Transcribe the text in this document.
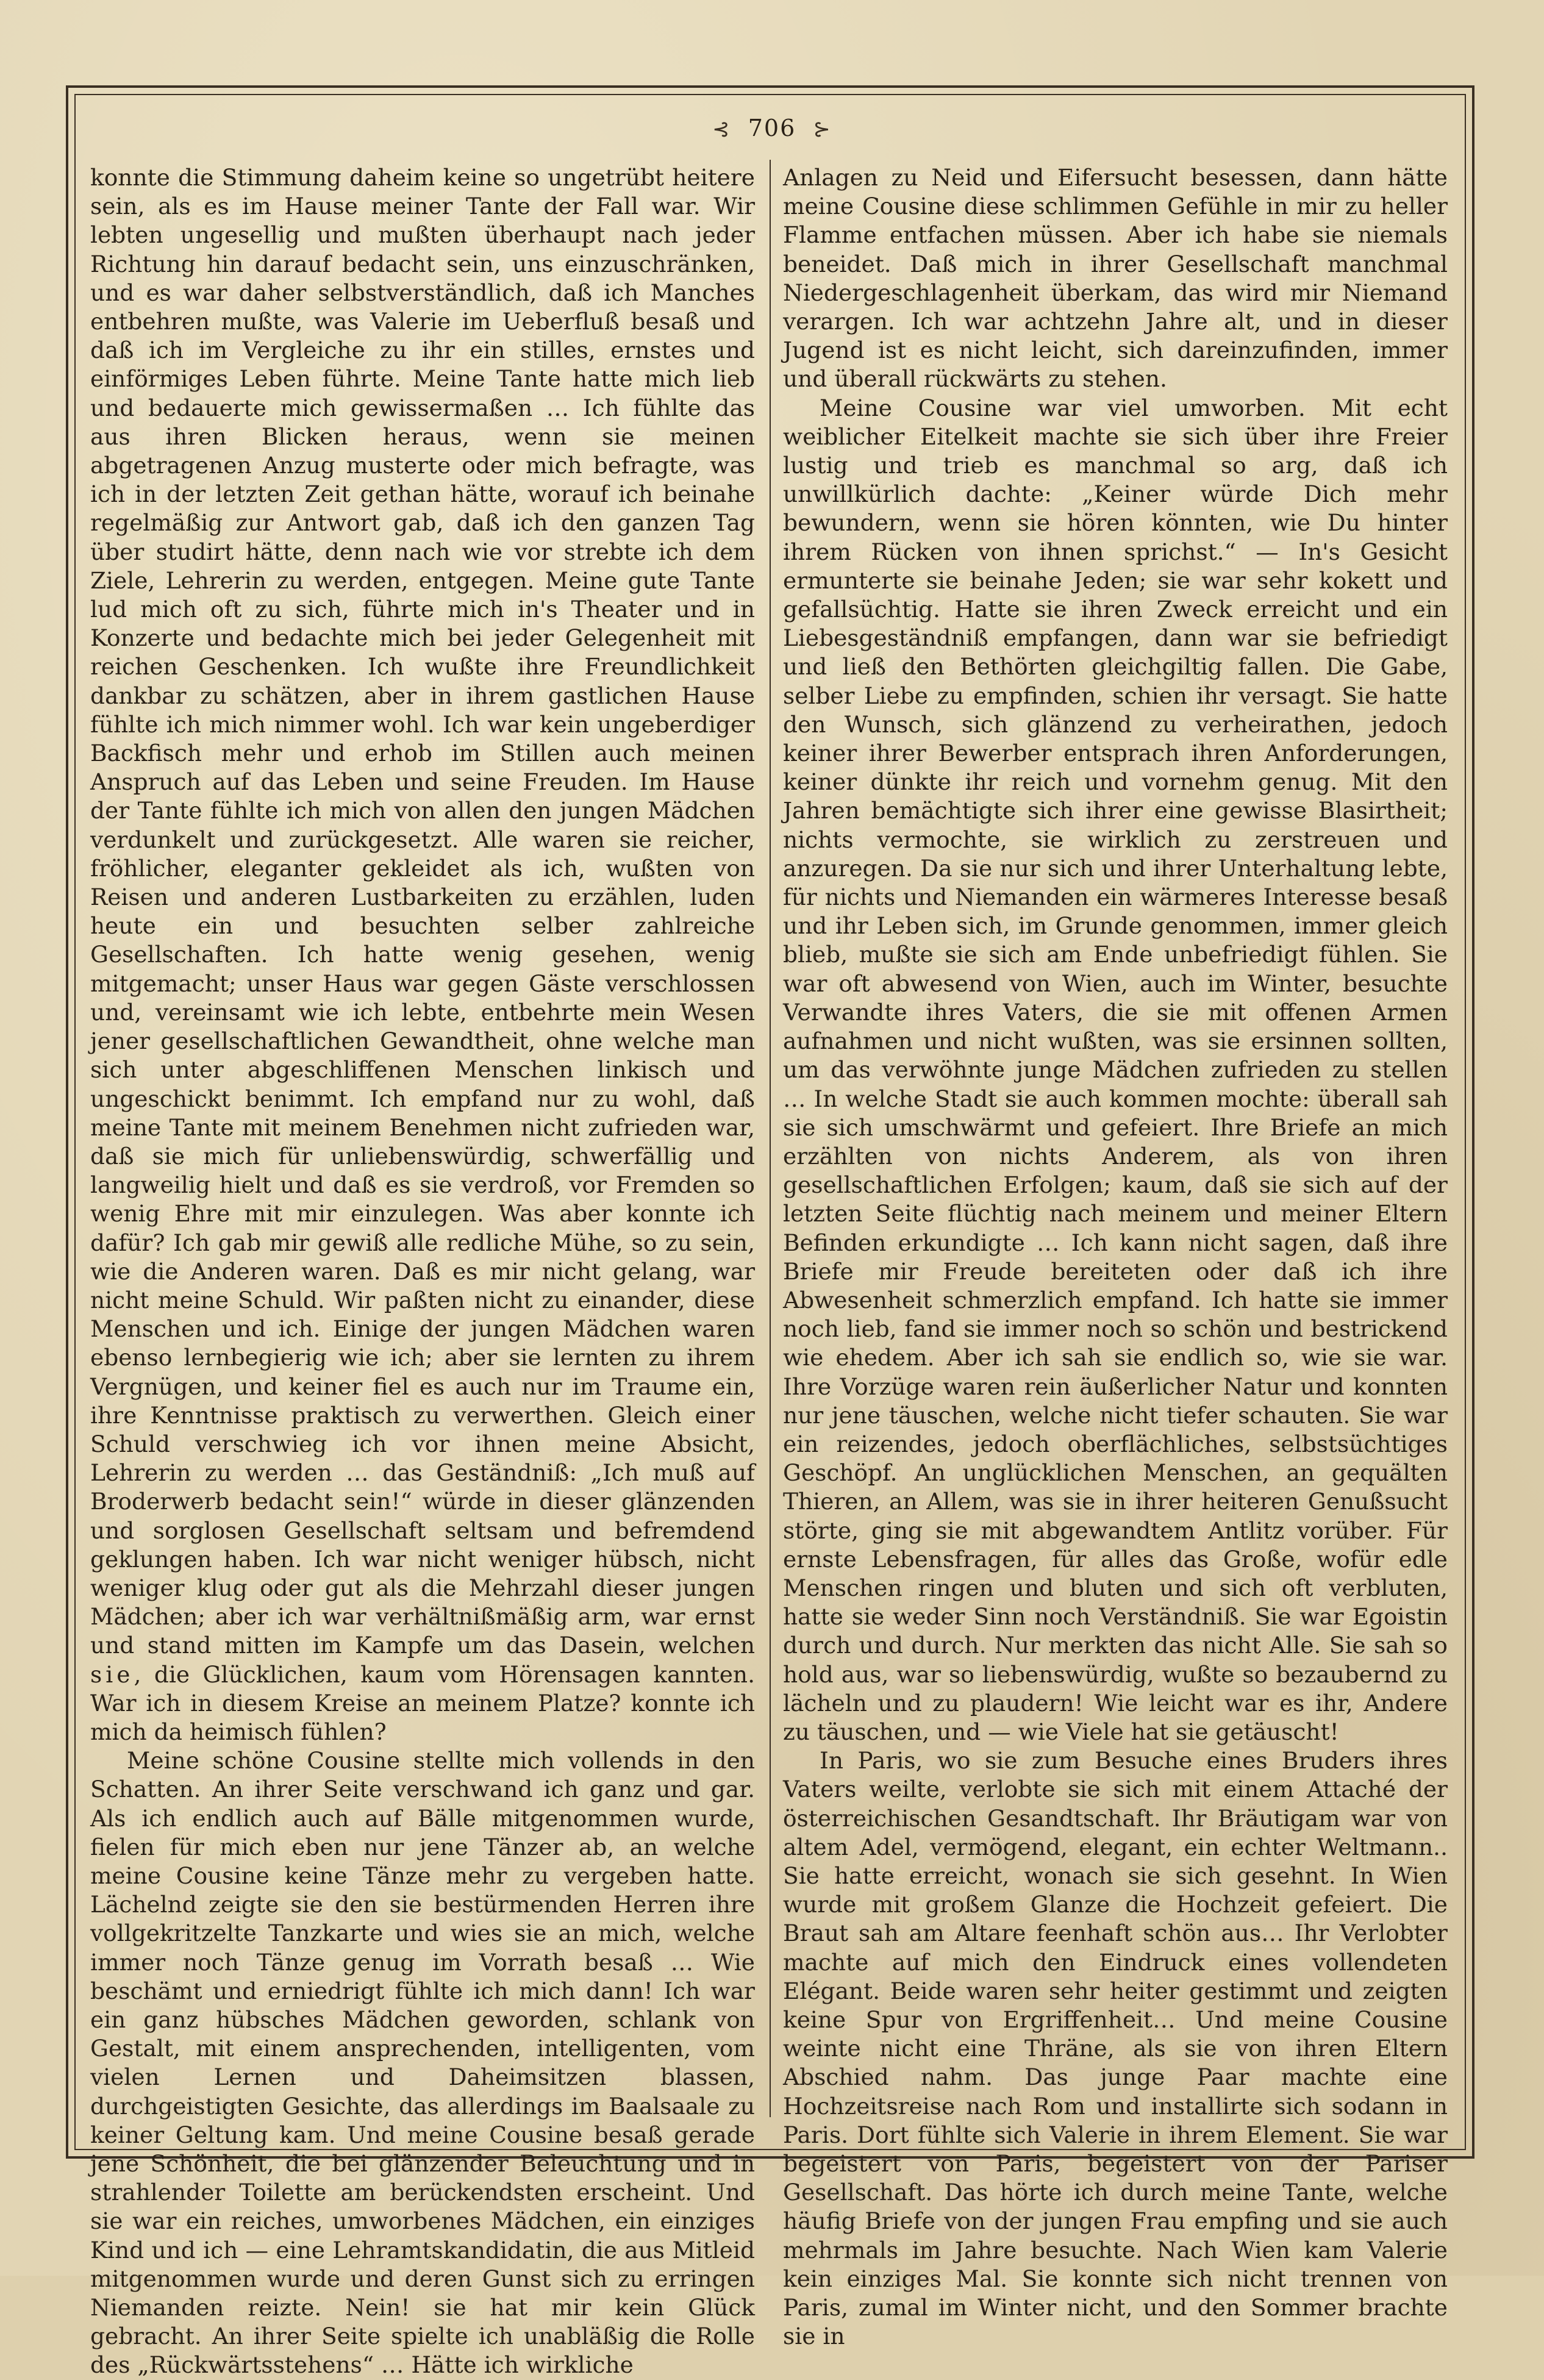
⊰ 706 ⊱

konnte die Stimmung daheim keine so ungetrübt heitere sein, als es im Hause meiner Tante der Fall war. Wir lebten ungesellig und mußten überhaupt nach jeder Richtung hin darauf bedacht sein, uns einzuschränken, und es war daher selbstverständlich, daß ich Manches entbehren mußte, was Valerie im Ueberfluß besaß und daß ich im Vergleiche zu ihr ein stilles, ernstes und einförmiges Leben führte. Meine Tante hatte mich lieb und bedauerte mich gewissermaßen … Ich fühlte das aus ihren Blicken heraus, wenn sie meinen abgetragenen Anzug musterte oder mich befragte, was ich in der letzten Zeit gethan hätte, worauf ich beinahe regelmäßig zur Antwort gab, daß ich den ganzen Tag über studirt hätte, denn nach wie vor strebte ich dem Ziele, Lehrerin zu werden, entgegen. Meine gute Tante lud mich oft zu sich, führte mich in's Theater und in Konzerte und bedachte mich bei jeder Gelegenheit mit reichen Geschenken. Ich wußte ihre Freundlichkeit dankbar zu schätzen, aber in ihrem gastlichen Hause fühlte ich mich nimmer wohl. Ich war kein ungeberdiger Backfisch mehr und erhob im Stillen auch meinen Anspruch auf das Leben und seine Freuden. Im Hause der Tante fühlte ich mich von allen den jungen Mädchen verdunkelt und zurückgesetzt. Alle waren sie reicher, fröhlicher, eleganter gekleidet als ich, wußten von Reisen und anderen Lustbarkeiten zu erzählen, luden heute ein und besuchten selber zahlreiche Gesellschaften. Ich hatte wenig gesehen, wenig mitgemacht; unser Haus war gegen Gäste verschlossen und, vereinsamt wie ich lebte, entbehrte mein Wesen jener gesellschaftlichen Gewandtheit, ohne welche man sich unter abgeschliffenen Menschen linkisch und ungeschickt benimmt. Ich empfand nur zu wohl, daß meine Tante mit meinem Benehmen nicht zufrieden war, daß sie mich für unliebenswürdig, schwerfällig und langweilig hielt und daß es sie verdroß, vor Fremden so wenig Ehre mit mir einzulegen. Was aber konnte ich dafür? Ich gab mir gewiß alle redliche Mühe, so zu sein, wie die Anderen waren. Daß es mir nicht gelang, war nicht meine Schuld. Wir paßten nicht zu einander, diese Menschen und ich. Einige der jungen Mädchen waren ebenso lernbegierig wie ich; aber sie lernten zu ihrem Vergnügen, und keiner fiel es auch nur im Traume ein, ihre Kenntnisse praktisch zu verwerthen. Gleich einer Schuld verschwieg ich vor ihnen meine Absicht, Lehrerin zu werden … das Geständniß: „Ich muß auf Broderwerb bedacht sein!“ würde in dieser glänzenden und sorglosen Gesellschaft seltsam und befremdend geklungen haben. Ich war nicht weniger hübsch, nicht weniger klug oder gut als die Mehrzahl dieser jungen Mädchen; aber ich war verhältnißmäßig arm, war ernst und stand mitten im Kampfe um das Dasein, welchen sie, die Glücklichen, kaum vom Hörensagen kannten. War ich in diesem Kreise an meinem Platze? konnte ich mich da heimisch fühlen?

Meine schöne Cousine stellte mich vollends in den Schatten. An ihrer Seite verschwand ich ganz und gar. Als ich endlich auch auf Bälle mitgenommen wurde, fielen für mich eben nur jene Tänzer ab, an welche meine Cousine keine Tänze mehr zu vergeben hatte. Lächelnd zeigte sie den sie bestürmenden Herren ihre vollgekritzelte Tanzkarte und wies sie an mich, welche immer noch Tänze genug im Vorrath besaß … Wie beschämt und erniedrigt fühlte ich mich dann! Ich war ein ganz hübsches Mädchen geworden, schlank von Gestalt, mit einem ansprechenden, intelligenten, vom vielen Lernen und Daheimsitzen blassen, durchgeistigten Gesichte, das allerdings im Baalsaale zu keiner Geltung kam. Und meine Cousine besaß gerade jene Schönheit, die bei glänzender Beleuchtung und in strahlender Toilette am berückendsten erscheint. Und sie war ein reiches, umworbenes Mädchen, ein einziges Kind und ich — eine Lehramtskandidatin, die aus Mitleid mitgenommen wurde und deren Gunst sich zu erringen Niemanden reizte. Nein! sie hat mir kein Glück gebracht. An ihrer Seite spielte ich unabläßig die Rolle des „Rückwärtsstehens“ … Hätte ich wirkliche

Anlagen zu Neid und Eifersucht besessen, dann hätte meine Cousine diese schlimmen Gefühle in mir zu heller Flamme entfachen müssen. Aber ich habe sie niemals beneidet. Daß mich in ihrer Gesellschaft manchmal Niedergeschlagenheit überkam, das wird mir Niemand verargen. Ich war achtzehn Jahre alt, und in dieser Jugend ist es nicht leicht, sich dareinzufinden, immer und überall rückwärts zu stehen.

Meine Cousine war viel umworben. Mit echt weiblicher Eitelkeit machte sie sich über ihre Freier lustig und trieb es manchmal so arg, daß ich unwillkürlich dachte: „Keiner würde Dich mehr bewundern, wenn sie hören könnten, wie Du hinter ihrem Rücken von ihnen sprichst.“ — In's Gesicht ermunterte sie beinahe Jeden; sie war sehr kokett und gefallsüchtig. Hatte sie ihren Zweck erreicht und ein Liebesgeständniß empfangen, dann war sie befriedigt und ließ den Bethörten gleichgiltig fallen. Die Gabe, selber Liebe zu empfinden, schien ihr versagt. Sie hatte den Wunsch, sich glänzend zu verheirathen, jedoch keiner ihrer Bewerber entsprach ihren Anforderungen, keiner dünkte ihr reich und vornehm genug. Mit den Jahren bemächtigte sich ihrer eine gewisse Blasirtheit; nichts vermochte, sie wirklich zu zerstreuen und anzuregen. Da sie nur sich und ihrer Unterhaltung lebte, für nichts und Niemanden ein wärmeres Interesse besaß und ihr Leben sich, im Grunde genommen, immer gleich blieb, mußte sie sich am Ende unbefriedigt fühlen. Sie war oft abwesend von Wien, auch im Winter, besuchte Verwandte ihres Vaters, die sie mit offenen Armen aufnahmen und nicht wußten, was sie ersinnen sollten, um das verwöhnte junge Mädchen zufrieden zu stellen … In welche Stadt sie auch kommen mochte: überall sah sie sich umschwärmt und gefeiert. Ihre Briefe an mich erzählten von nichts Anderem, als von ihren gesellschaftlichen Erfolgen; kaum, daß sie sich auf der letzten Seite flüchtig nach meinem und meiner Eltern Befinden erkundigte … Ich kann nicht sagen, daß ihre Briefe mir Freude bereiteten oder daß ich ihre Abwesenheit schmerzlich empfand. Ich hatte sie immer noch lieb, fand sie immer noch so schön und bestrickend wie ehedem. Aber ich sah sie endlich so, wie sie war. Ihre Vorzüge waren rein äußerlicher Natur und konnten nur jene täuschen, welche nicht tiefer schauten. Sie war ein reizendes, jedoch oberflächliches, selbstsüchtiges Geschöpf. An unglücklichen Menschen, an gequälten Thieren, an Allem, was sie in ihrer heiteren Genußsucht störte, ging sie mit abgewandtem Antlitz vorüber. Für ernste Lebensfragen, für alles das Große, wofür edle Menschen ringen und bluten und sich oft verbluten, hatte sie weder Sinn noch Verständniß. Sie war Egoistin durch und durch. Nur merkten das nicht Alle. Sie sah so hold aus, war so liebenswürdig, wußte so bezaubernd zu lächeln und zu plaudern! Wie leicht war es ihr, Andere zu täuschen, und — wie Viele hat sie getäuscht!

In Paris, wo sie zum Besuche eines Bruders ihres Vaters weilte, verlobte sie sich mit einem Attaché der österreichischen Gesandtschaft. Ihr Bräutigam war von altem Adel, vermögend, elegant, ein echter Weltmann.. Sie hatte erreicht, wonach sie sich gesehnt. In Wien wurde mit großem Glanze die Hochzeit gefeiert. Die Braut sah am Altare feenhaft schön aus… Ihr Verlobter machte auf mich den Eindruck eines vollendeten Elégant. Beide waren sehr heiter gestimmt und zeigten keine Spur von Ergriffenheit… Und meine Cousine weinte nicht eine Thräne, als sie von ihren Eltern Abschied nahm. Das junge Paar machte eine Hochzeitsreise nach Rom und installirte sich sodann in Paris. Dort fühlte sich Valerie in ihrem Element. Sie war begeistert von Paris, begeistert von der Pariser Gesellschaft. Das hörte ich durch meine Tante, welche häufig Briefe von der jungen Frau empfing und sie auch mehrmals im Jahre besuchte. Nach Wien kam Valerie kein einziges Mal. Sie konnte sich nicht trennen von Paris, zumal im Winter nicht, und den Sommer brachte sie in
